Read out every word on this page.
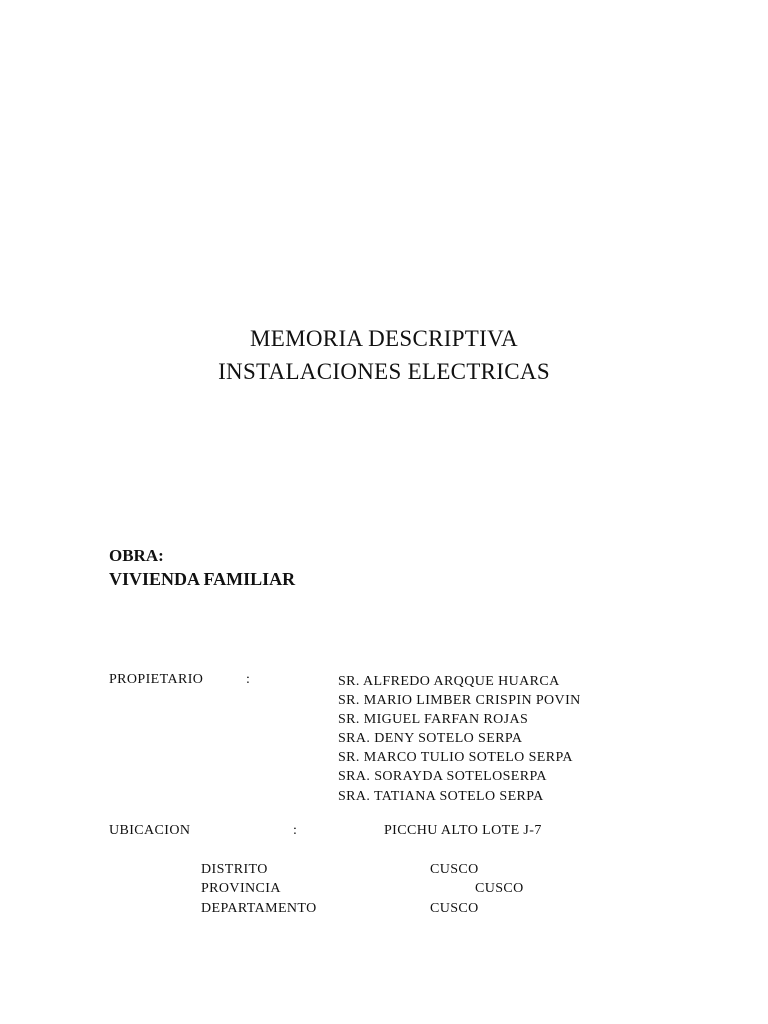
MEMORIA DESCRIPTIVA
INSTALACIONES ELECTRICAS
OBRA:
VIVIENDA FAMILIAR
PROPIETARIO	:	SR. ALFREDO ARQQUE HUARCA
SR. MARIO LIMBER CRISPIN POVIN
SR. MIGUEL FARFAN ROJAS
SRA. DENY SOTELO SERPA
SR. MARCO TULIO SOTELO SERPA
SRA. SORAYDA SOTELOSERPA
SRA. TATIANA SOTELO SERPA
UBICACION	:	PICCHU ALTO LOTE J-7
DISTRITO	CUSCO
PROVINCIA	CUSCO
DEPARTAMENTO	CUSCO
